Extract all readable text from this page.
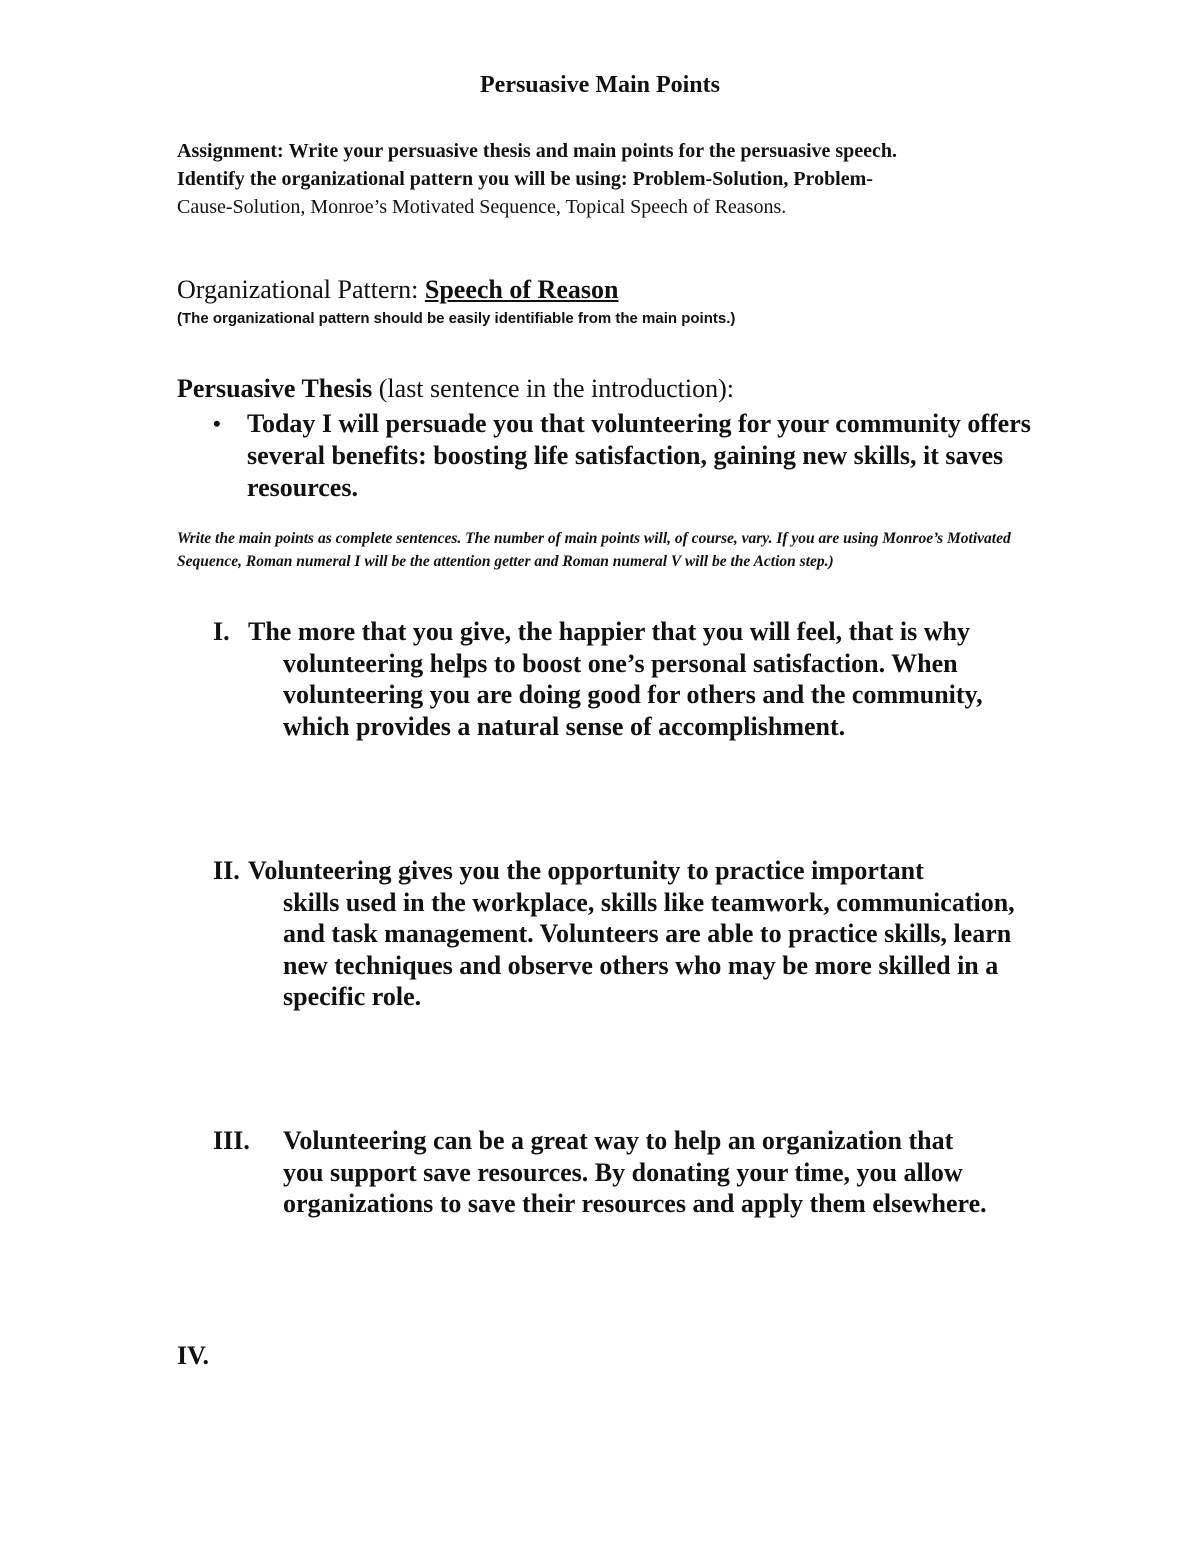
Persuasive Main Points
Assignment: Write your persuasive thesis and main points for the persuasive speech.
Identify the organizational pattern you will be using: Problem-Solution, Problem-
Cause-Solution, Monroe’s Motivated Sequence, Topical Speech of Reasons.
Organizational Pattern: Speech of Reason
(The organizational pattern should be easily identifiable from the main points.)
Persuasive Thesis (last sentence in the introduction):
•	Today I will persuade you that volunteering for your community offers several benefits: boosting life satisfaction, gaining new skills, it saves resources.
Write the main points as complete sentences. The number of main points will, of course, vary. If you are using Monroe’s Motivated Sequence, Roman numeral I will be the attention getter and Roman numeral V will be the Action step.)
I. The more that you give, the happier that you will feel, that is why
volunteering helps to boost one’s personal satisfaction. When volunteering you are doing good for others and the community, which provides a natural sense of accomplishment.
II. Volunteering gives you the opportunity to practice important
skills used in the workplace, skills like teamwork, communication, and task management. Volunteers are able to practice skills, learn new techniques and observe others who may be more skilled in a specific role.
III. Volunteering can be a great way to help an organization that
you support save resources. By donating your time, you allow organizations to save their resources and apply them elsewhere.
IV.
